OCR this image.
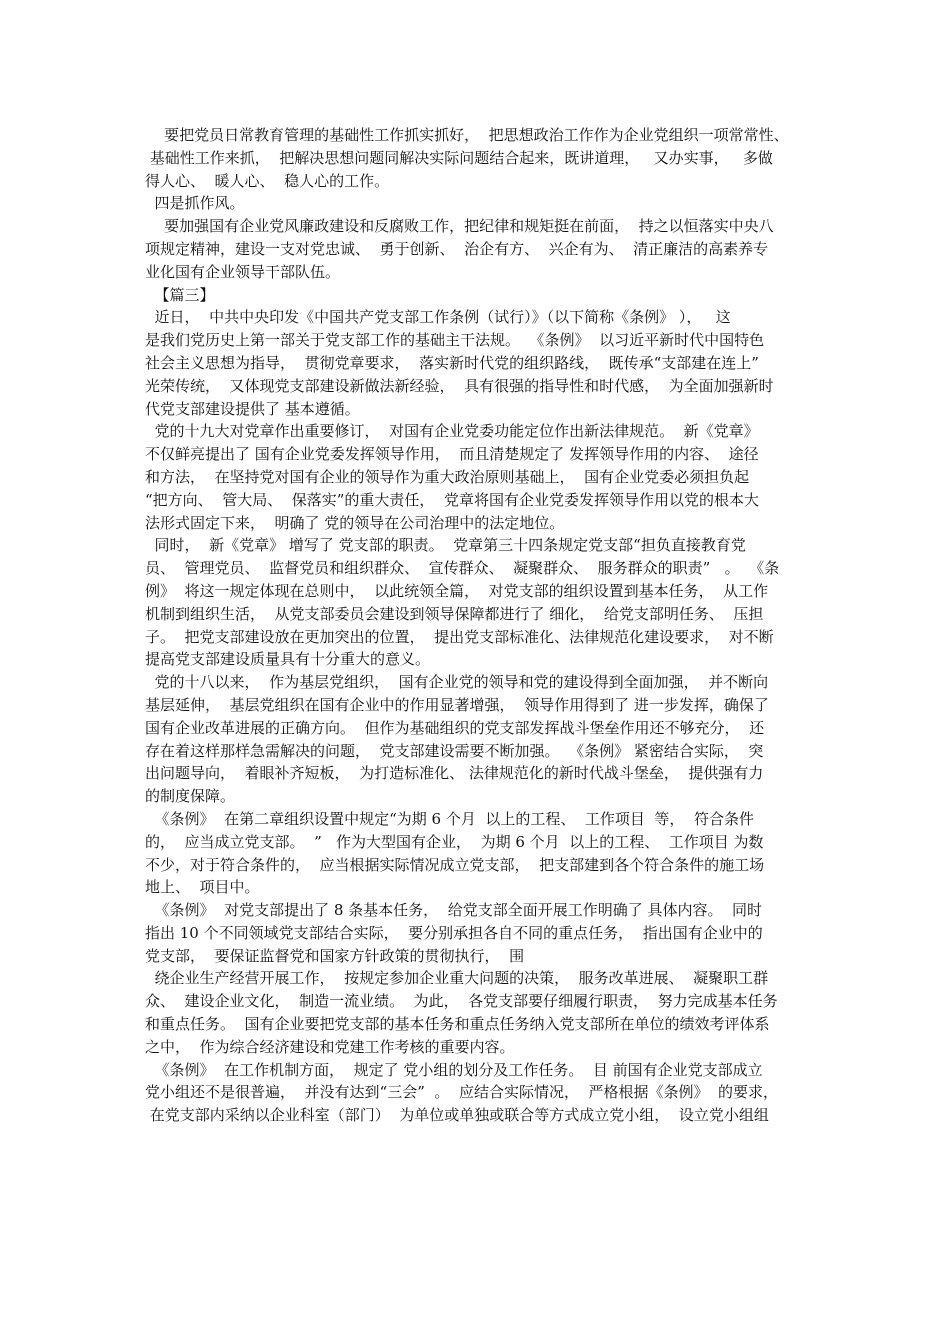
要把党员日常教育管理的基础性工作抓实抓好，  把思想政治工作作为企业党组织一项常常性、
基础性工作来抓，  把解决思想问题同解决实际问题结合起来，既讲道理，   又办实事，   多做
得人心、  暖人心、  稳人心的工作。
四是抓作风。
要加强国有企业党风廉政建设和反腐败工作，把纪律和规矩挺在前面，  持之以恒落实中央八
项规定精神，建设一支对党忠诚、  勇于创新、  治企有方、  兴企有为、  清正廉洁的高素养专
业化国有企业领导干部队伍。
【篇三】
近日，  中共中央印发《中国共产党支部工作条例（试行）》（以下简称《条例》 ），   这
是我们党历史上第一部关于党支部工作的基础主干法规。  《条例》  以习近平新时代中国特色
社会主义思想为指导，  贯彻党章要求，  落实新时代党的组织路线，  既传承“支部建在连上”
光荣传统，  又体现党支部建设新做法新经验，  具有很强的指导性和时代感，  为全面加强新时
代党支部建设提供了 基本遵循。
党的十九大对党章作出重要修订，  对国有企业党委功能定位作出新法律规范。  新《党章》
不仅鲜亮提出了 国有企业党委发挥领导作用，  而且清楚规定了 发挥领导作用的内容、  途径
和方法，  在坚持党对国有企业的领导作为重大政治原则基础上，  国有企业党委必须担负起
“把方向、  管大局、  保落实”的重大责任，  党章将国有企业党委发挥领导作用以党的根本大
法形式固定下来，  明确了 党的领导在公司治理中的法定地位。
同时，  新《党章》 增写了 党支部的职责。  党章第三十四条规定党支部“担负直接教育党
员、  管理党员、  监督党员和组织群众、  宣传群众、  凝聚群众、  服务群众的职责”   。  《条
例》  将这一规定体现在总则中，  以此统领全篇，  对党支部的组织设置到基本任务，  从工作
机制到组织生活，  从党支部委员会建设到领导保障都进行了 细化，  给党支部明任务、  压担
子。  把党支部建设放在更加突出的位置，  提出党支部标准化、法律规范化建设要求，  对不断
提高党支部建设质量具有十分重大的意义。
党的十八以来，  作为基层党组织，  国有企业党的领导和党的建设得到全面加强，  并不断向
基层延伸，  基层党组织在国有企业中的作用显著增强，  领导作用得到了 进一步发挥，确保了
国有企业改革进展的正确方向。  但作为基础组织的党支部发挥战斗堡垒作用还不够充分，  还
存在着这样那样急需解决的问题，  党支部建设需要不断加强。  《条例》 紧密结合实际，  突
出问题导向，  着眼补齐短板，  为打造标准化、 法律规范化的新时代战斗堡垒，  提供强有力
的制度保障。
《条例》  在第二章组织设置中规定“为期 6 个月  以上的工程、  工作项目  等，  符合条件
的，  应当成立党支部。  ”   作为大型国有企业，  为期 6 个月  以上的工程、  工作项目 为数
不少，对于符合条件的，  应当根据实际情况成立党支部，  把支部建到各个符合条件的施工场
地上、  项目中。
《条例》  对党支部提出了 8 条基本任务，  给党支部全面开展工作明确了 具体内容。  同时
指出 10 个不同领域党支部结合实际，  要分别承担各自不同的重点任务，  指出国有企业中的
党支部，  要保证监督党和国家方针政策的贯彻执行，  围
绕企业生产经营开展工作，  按规定参加企业重大问题的决策，  服务改革进展、  凝聚职工群
众、  建设企业文化，  制造一流业绩。  为此，  各党支部要仔细履行职责，  努力完成基本任务
和重点任务。  国有企业要把党支部的基本任务和重点任务纳入党支部所在单位的绩效考评体系
之中，  作为综合经济建设和党建工作考核的重要内容。
《条例》  在工作机制方面，  规定了 党小组的划分及工作任务。  目 前国有企业党支部成立
党小组还不是很普遍，  并没有达到“三会”  。  应结合实际情况，  严格根据《条例》  的要求，
在党支部内采纳以企业科室（部门）  为单位或单独或联合等方式成立党小组，  设立党小组组
